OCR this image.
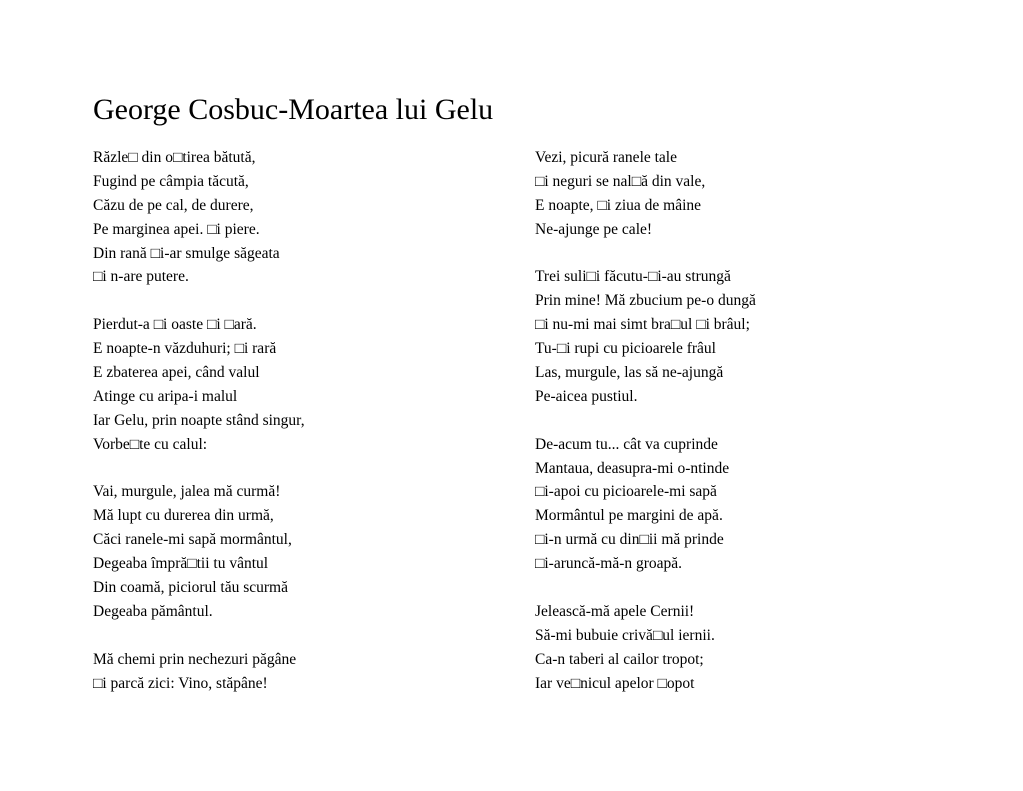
George Cosbuc-Moartea lui Gelu
Răzle□ din o□tirea bătută,
Fugind pe câmpia tăcută,
Căzu de pe cal, de durere,
Pe marginea apei. □i piere.
Din rană □i-ar smulge săgeata
□i n-are putere.
Pierdut-a □i oaste □i □ară.
E noapte-n văzduhuri; □i rară
E zbaterea apei, când valul
Atinge cu aripa-i malul
Iar Gelu, prin noapte stând singur,
Vorbe□te cu calul:
Vai, murgule, jalea mă curmă!
Mă lupt cu durerea din urmă,
Căci ranele-mi sapă mormântul,
Degeaba împră□tii tu vântul
Din coamă, piciorul tău scurmă
Degeaba pământul.
Mă chemi prin nechezuri păgâne
□i parcă zici: Vino, stăpâne!
Vezi, picură ranele tale
□i neguri se nal□ă din vale,
E noapte, □i ziua de mâine
Ne-ajunge pe cale!
Trei suli□i făcutu-□i-au strungă
Prin mine! Mă zbucium pe-o dungă
□i nu-mi mai simt bra□ul □i brâul;
Tu-□i rupi cu picioarele frâul
Las, murgule, las să ne-ajungă
Pe-aicea pustiul.
De-acum tu... cât va cuprinde
Mantaua, deasupra-mi o-ntinde
□i-apoi cu picioarele-mi sapă
Mormântul pe margini de apă.
□i-n urmă cu din□ii mă prinde
□i-aruncă-mă-n groapă.
Jelească-mă apele Cernii!
Să-mi bubuie crivă□ul iernii.
Ca-n taberi al cailor tropot;
Iar ve□nicul apelor □opot
